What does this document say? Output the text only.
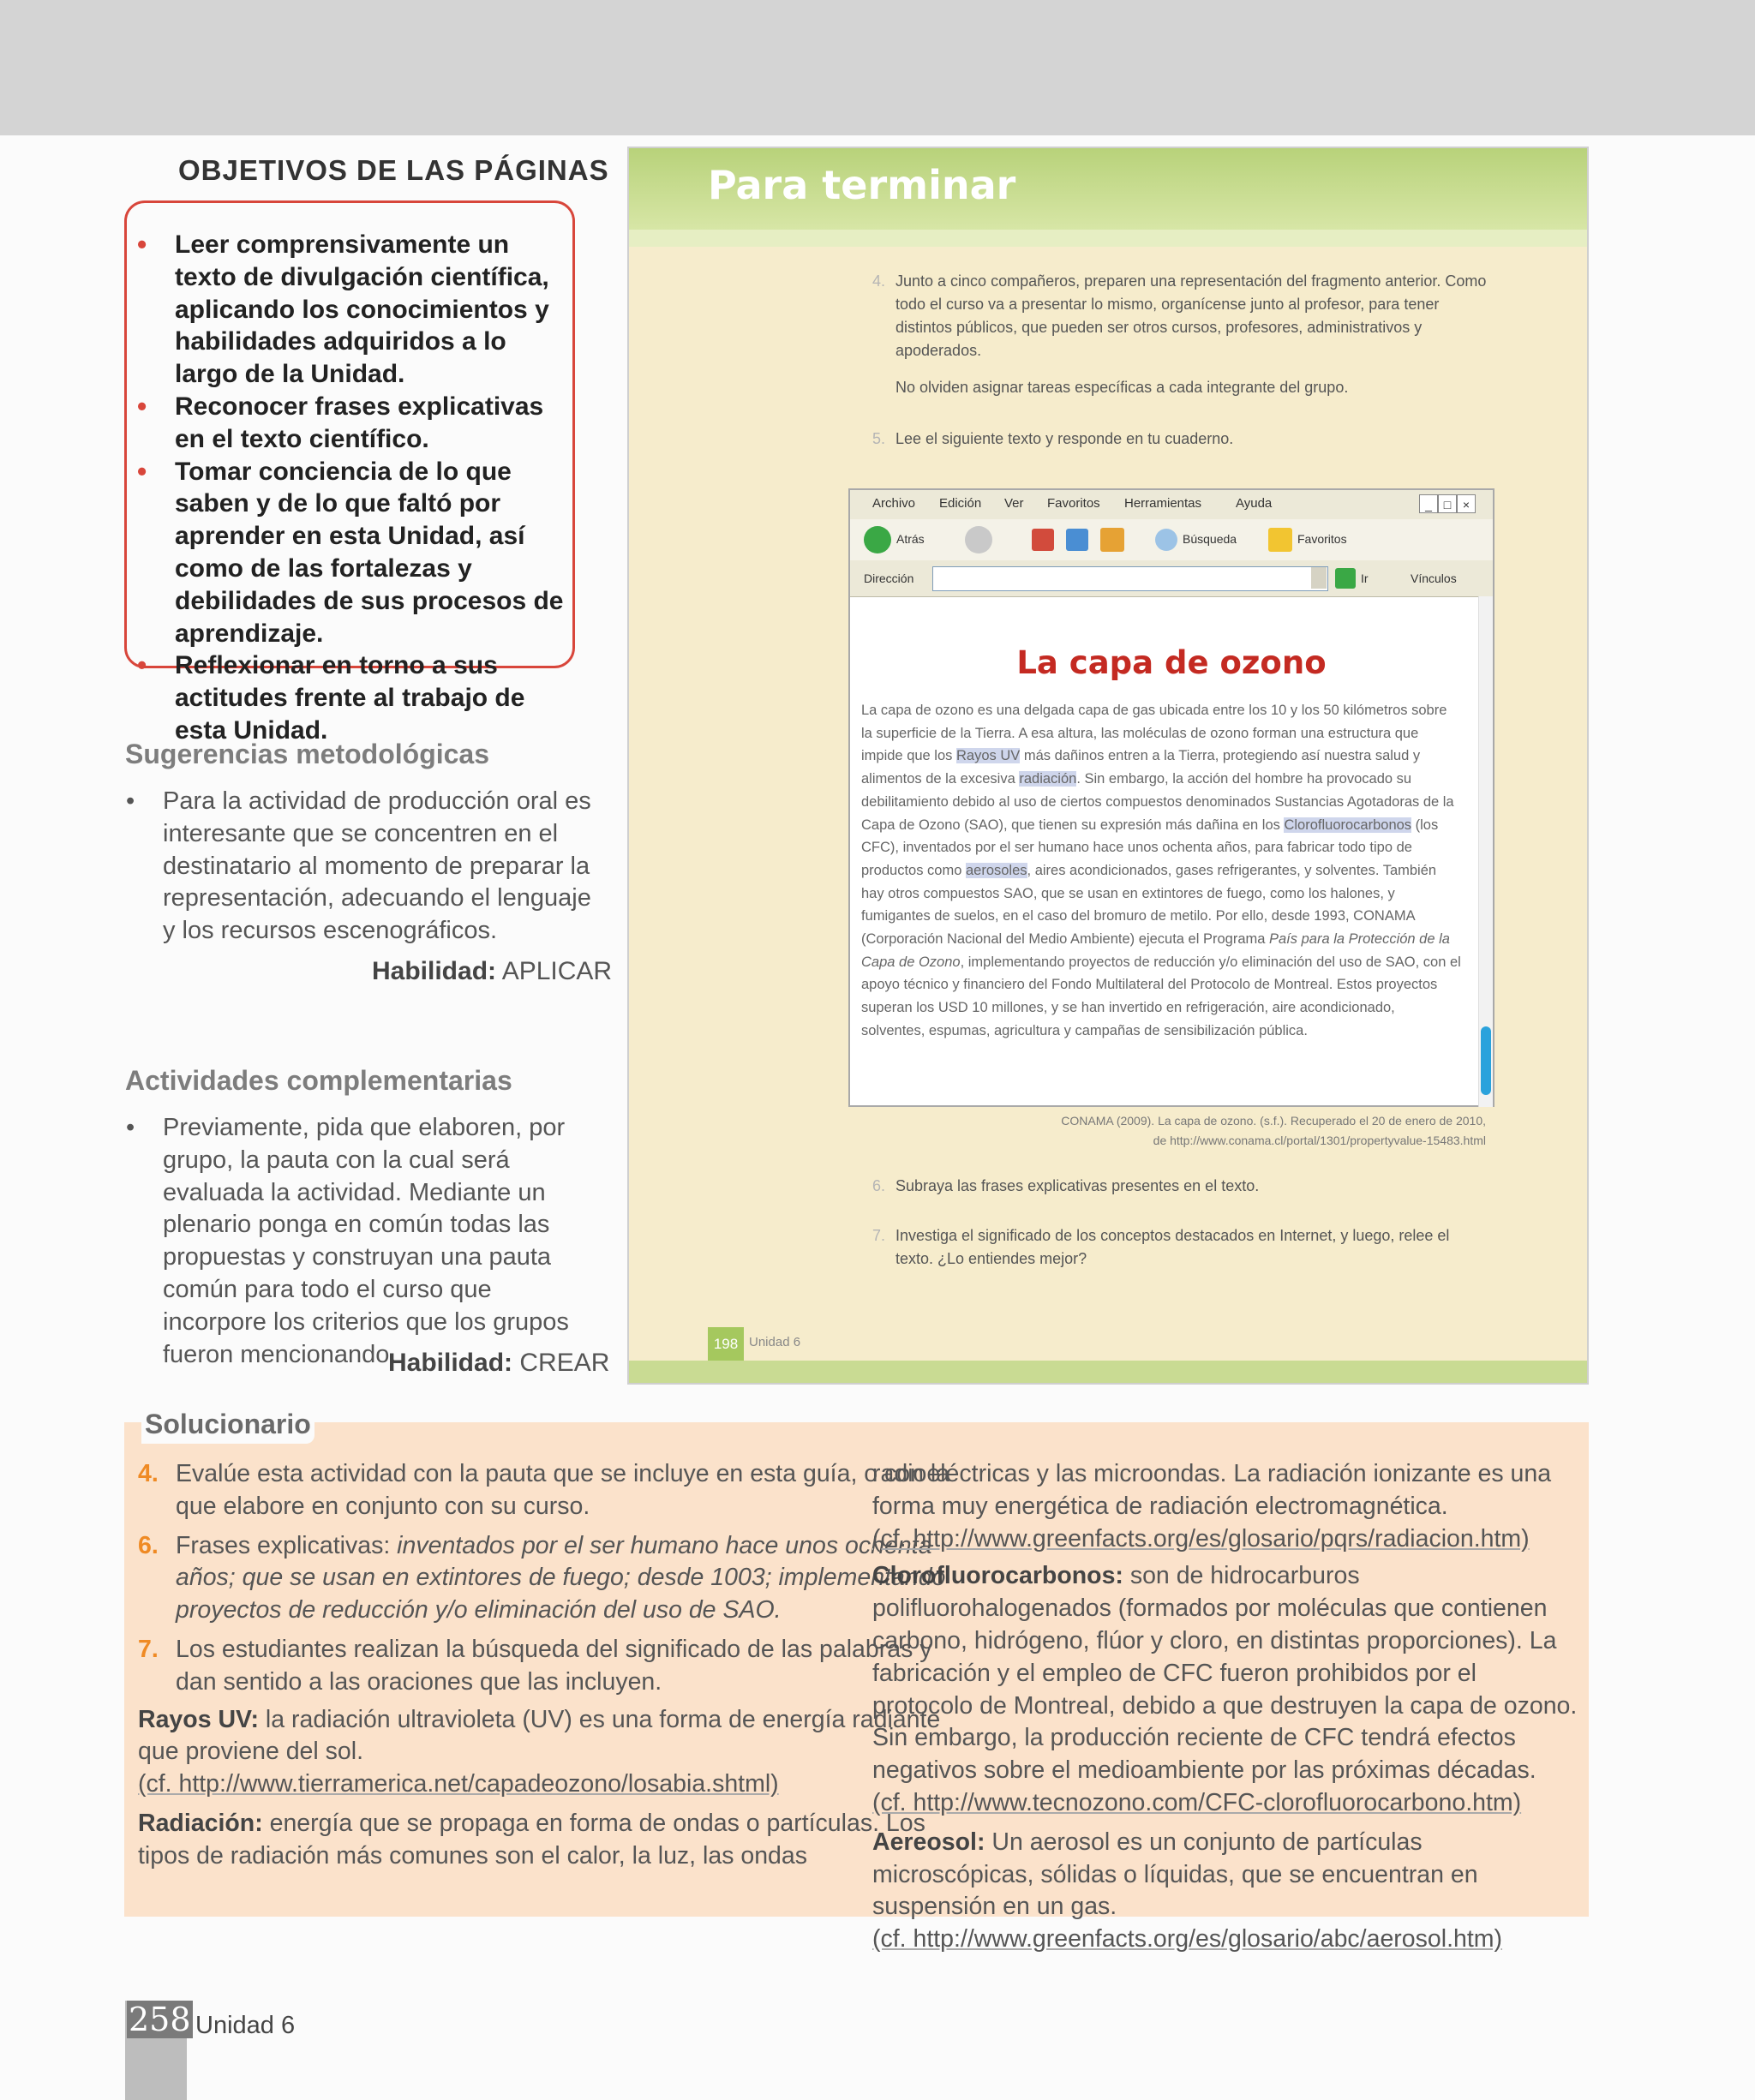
OBJETIVOS DE LAS PÁGINAS
• Leer comprensivamente un texto de divulgación científica, aplicando los conocimientos y habilidades adquiridos a lo largo de la Unidad.
• Reconocer frases explicativas en el texto científico.
• Tomar conciencia de lo que saben y de lo que faltó por aprender en esta Unidad, así como de las fortalezas y debilidades de sus procesos de aprendizaje.
• Reflexionar en torno a sus actitudes frente al trabajo de esta Unidad.
Sugerencias metodológicas
• Para la actividad de producción oral es interesante que se concentren en el destinatario al momento de preparar la representación, adecuando el lenguaje y los recursos escenográficos.
Habilidad: APLICAR
Actividades complementarias
• Previamente, pida que elaboren, por grupo, la pauta con la cual será evaluada la actividad. Mediante un plenario ponga en común todas las propuestas y construyan una pauta común para todo el curso que incorpore los criterios que los grupos fueron mencionando.
Habilidad: CREAR
Para terminar
4. Junto a cinco compañeros, preparen una representación del fragmento anterior. Como todo el curso va a presentar lo mismo, organícense junto al profesor, para tener distintos públicos, que pueden ser otros cursos, profesores, administrativos y apoderados.
No olviden asignar tareas específicas a cada integrante del grupo.
5. Lee el siguiente texto y responde en tu cuaderno.
Archivo Edición Ver Favoritos Herramientas	Ayuda	_ □ ×
Atrás	Búsqueda	Favoritos
Dirección	Ir	Vínculos
La capa de ozono
La capa de ozono es una delgada capa de gas ubicada entre los 10 y los 50 kilómetros sobre la superficie de la Tierra. A esa altura, las moléculas de ozono forman una estructura que impide que los Rayos UV más dañinos entren a la Tierra, protegiendo así nuestra salud y alimentos de la excesiva radiación. Sin embargo, la acción del hombre ha provocado su debilitamiento debido al uso de ciertos compuestos denominados Sustancias Agotadoras de la Capa de Ozono (SAO), que tienen su expresión más dañina en los Clorofluorocarbonos (los CFC), inventados por el ser humano hace unos ochenta años, para fabricar todo tipo de productos como aerosoles, aires acondicionados, gases refrigerantes, y solventes. También hay otros compuestos SAO, que se usan en extintores de fuego, como los halones, y fumigantes de suelos, en el caso del bromuro de metilo. Por ello, desde 1993, CONAMA (Corporación Nacional del Medio Ambiente) ejecuta el Programa País para la Protección de la Capa de Ozono, implementando proyectos de reducción y/o eliminación del uso de SAO, con el apoyo técnico y financiero del Fondo Multilateral del Protocolo de Montreal. Estos proyectos superan los USD 10 millones, y se han invertido en refrigeración, aire acondicionado, solventes, espumas, agricultura y campañas de sensibilización pública.
CONAMA (2009). La capa de ozono. (s.f.). Recuperado el 20 de enero de 2010,
de http://www.conama.cl/portal/1301/propertyvalue-15483.html
6. Subraya las frases explicativas presentes en el texto.
7. Investiga el significado de los conceptos destacados en Internet, y luego, relee el texto. ¿Lo entiendes mejor?
198 Unidad 6
Solucionario
4. Evalúe esta actividad con la pauta que se incluye en esta guía, o con la que elabore en conjunto con su curso.
6. Frases explicativas: inventados por el ser humano hace unos ochenta años; que se usan en extintores de fuego; desde 1003; implementando proyectos de reducción y/o eliminación del uso de SAO.
7. Los estudiantes realizan la búsqueda del significado de las palabras y dan sentido a las oraciones que las incluyen.

Rayos UV: la radiación ultravioleta (UV) es una forma de energía radiante que proviene del sol.
(cf. http://www.tierramerica.net/capadeozono/losabia.shtml)

Radiación: energía que se propaga en forma de ondas o partículas. Los tipos de radiación más comunes son el calor, la luz, las ondas

radioeléctricas y las microondas. La radiación ionizante es una forma muy energética de radiación electromagnética.
(cf. http://www.greenfacts.org/es/glosario/pqrs/radiacion.htm)

Clorofluorocarbonos: son de hidrocarburos polifluorohalogenados (formados por moléculas que contienen carbono, hidrógeno, flúor y cloro, en distintas proporciones). La fabricación y el empleo de CFC fueron prohibidos por el protocolo de Montreal, debido a que destruyen la capa de ozono. Sin embargo, la producción reciente de CFC tendrá efectos negativos sobre el medioambiente por las próximas décadas.
(cf. http://www.tecnozono.com/CFC-clorofluorocarbono.htm)

Aereosol: Un aerosol es un conjunto de partículas microscópicas, sólidas o líquidas, que se encuentran en suspensión en un gas.
(cf. http://www.greenfacts.org/es/glosario/abc/aerosol.htm)

258 Unidad 6
